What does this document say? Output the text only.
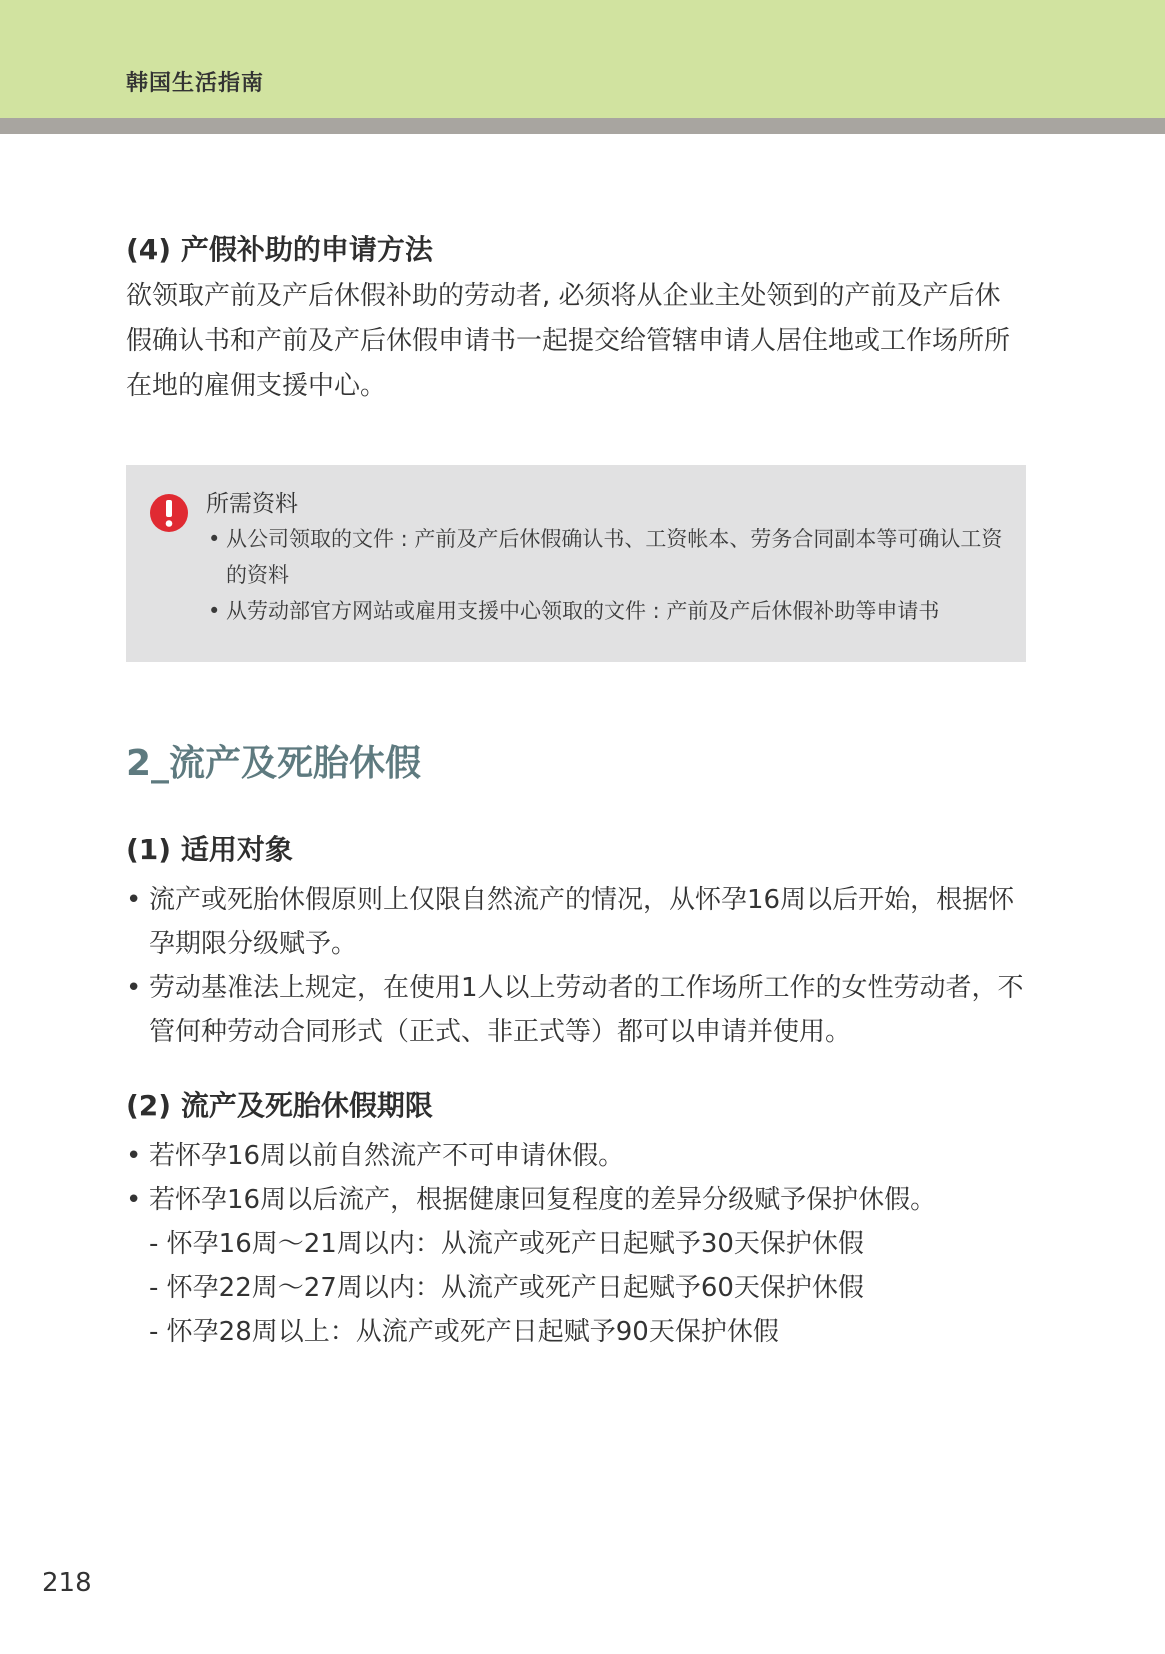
韩国生活指南
(4) 产假补助的申请方法

欲领取产前及产后休假补助的劳动者, 必须将从企业主处领到的产前及产后休假确认书和产前及产后休假申请书一起提交给管辖申请人居住地或工作场所所在地的雇佣支援中心。

所需资料
• 从公司领取的文件 : 产前及产后休假确认书、工资帐本、劳务合同副本等可确认工资的资料
• 从劳动部官方网站或雇用支援中心领取的文件 : 产前及产后休假补助等申请书
2_流产及死胎休假
(1) 适用对象
• 流产或死胎休假原则上仅限自然流产的情况，从怀孕16周以后开始，根据怀孕期限分级赋予。
• 劳动基准法上规定，在使用1人以上劳动者的工作场所工作的女性劳动者，不管何种劳动合同形式（正式、非正式等）都可以申请并使用。
(2) 流产及死胎休假期限
• 若怀孕16周以前自然流产不可申请休假。
• 若怀孕16周以后流产，根据健康回复程度的差异分级赋予保护休假。
- 怀孕16周～21周以内：从流产或死产日起赋予30天保护休假
- 怀孕22周～27周以内：从流产或死产日起赋予60天保护休假
- 怀孕28周以上：从流产或死产日起赋予90天保护休假
218
